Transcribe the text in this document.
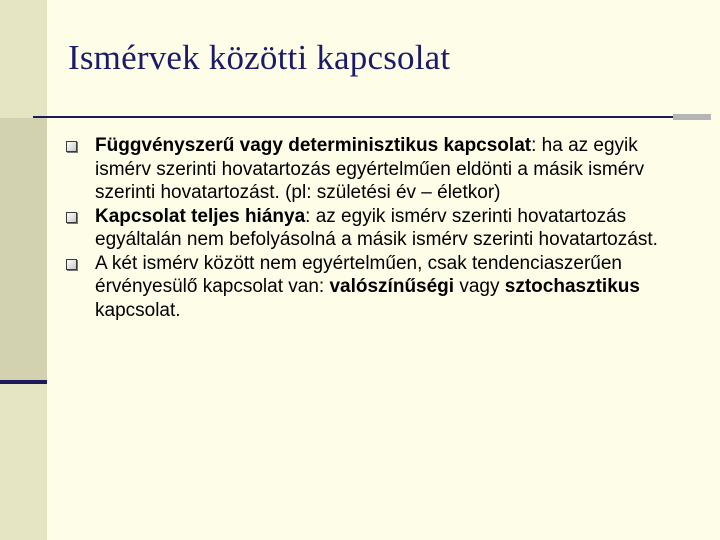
Ismérvek közötti kapcsolat
Függvényszerű vagy determinisztikus kapcsolat: ha az egyik ismérv szerinti hovatartozás egyértelműen eldönti a másik ismérv szerinti hovatartozást. (pl: születési év – életkor)
Kapcsolat teljes hiánya: az egyik ismérv szerinti hovatartozás egyáltalán nem befolyásolná a másik ismérv szerinti hovatartozást.
A két ismérv között nem egyértelműen, csak tendenciaszerűen érvényesülő kapcsolat van: valószínűségi vagy sztochasztikus kapcsolat.
